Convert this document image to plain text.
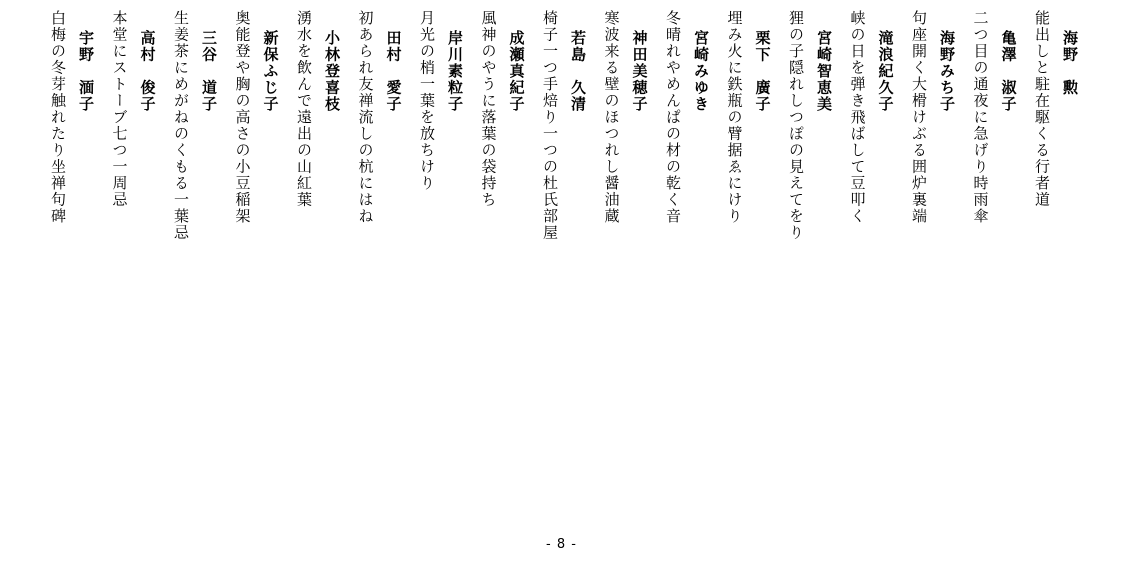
海野　勲
能出しと駐在駆くる行者道
亀澤　淑子
二つ目の通夜に急げり時雨傘
海野みち子
句座開く大榾けぶる囲炉裏端
滝浪紀久子
峡の日を弾き飛ばして豆叩く
宮崎智恵美
狸の子隠れしつぽの見えてをり
栗下　廣子
埋み火に鉄瓶の臂据ゑにけり
宮崎みゆき
冬晴れやめんぱの材の乾く音
神田美穂子
寒波来る壁のほつれし醤油蔵
若島　久清
椅子一つ手焙り一つの杜氏部屋
成瀬真紀子
風神のやうに落葉の袋持ち
岸川素粒子
月光の梢一葉を放ちけり
田村　愛子
初あられ友禅流しの杭にはね
小林登喜枝
湧水を飲んで遠出の山紅葉
新保ふじ子
奥能登や胸の高さの小豆稲架
三谷　道子
生姜茶にめがねのくもる一葉忌
高村　俊子
本堂にストーブ七つ一周忌
宇野　湎子
白梅の冬芽触れたり坐禅句碑
- 8 -
